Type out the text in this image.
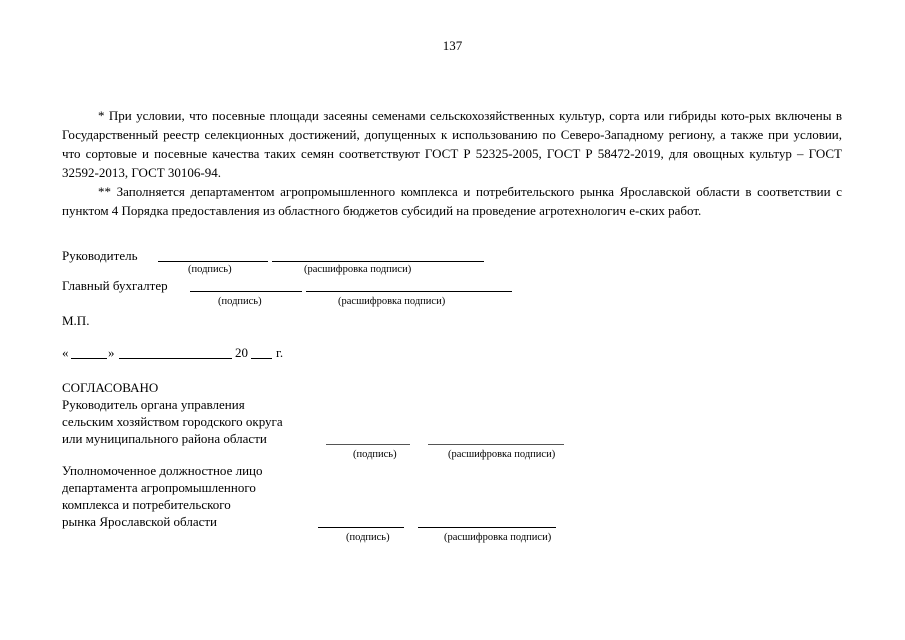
137

* При условии, что посевные площади засеяны семенами сельскохозяйственных культур, сорта или гибриды кото-рых включены в Государственный реестр селекционных достижений, допущенных к использованию по Северо-Западному региону, а также при условии, что сортовые и посевные качества таких семян соответствуют ГОСТ Р 52325-2005, ГОСТ Р 58472-2019, для овощных культур – ГОСТ 32592-2013, ГОСТ 30106-94.

** Заполняется департаментом агропромышленного комплекса и потребительского рынка Ярославской области в соответствии с пунктом 4 Порядка предоставления из областного бюджетов субсидий на проведение агротехнологич е-ских работ.

Руководитель
(подпись)	(расшифровка подписи)
Главный бухгалтер
(подпись)	(расшифровка подписи)
М.П.
«	»	20 г.
СОГЛАСОВАНО
Руководитель органа управления
сельским хозяйством городского округа
или муниципального района области
(подпись)	(расшифровка подписи)
Уполномоченное должностное лицо
департамента агропромышленного
комплекса и потребительского
рынка Ярославской области
(подпись)	(расшифровка подписи)
